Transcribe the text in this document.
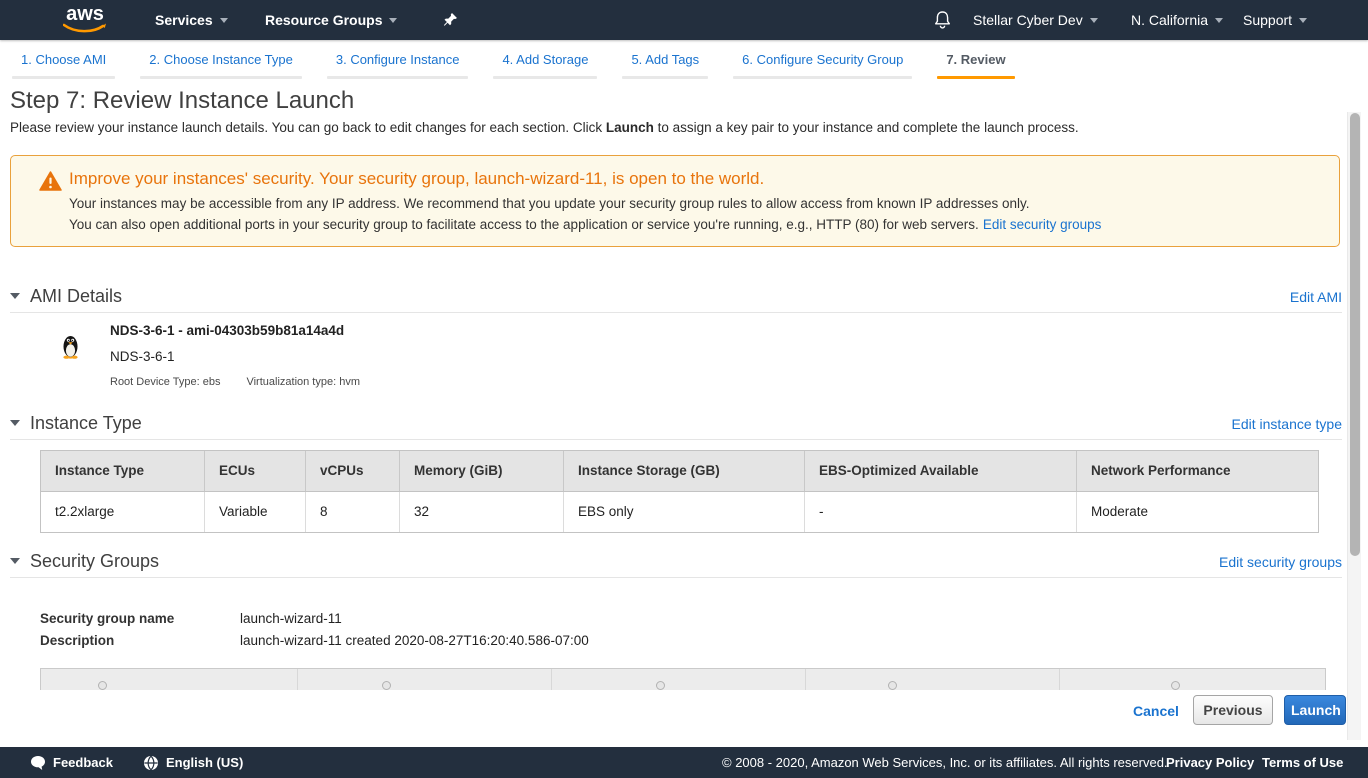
aws	Services	Resource Groups	Stellar Cyber Dev	N. California	Support
1. Choose AMI	2. Choose Instance Type	3. Configure Instance	4. Add Storage	5. Add Tags	6. Configure Security Group	7. Review
Step 7: Review Instance Launch
Please review your instance launch details. You can go back to edit changes for each section. Click Launch to assign a key pair to your instance and complete the launch process.
Improve your instances' security. Your security group, launch-wizard-11, is open to the world.
Your instances may be accessible from any IP address. We recommend that you update your security group rules to allow access from known IP addresses only.
You can also open additional ports in your security group to facilitate access to the application or service you're running, e.g., HTTP (80) for web servers. Edit security groups
AMI Details	Edit AMI
NDS-3-6-1 - ami-04303b59b81a14a4d
NDS-3-6-1
Root Device Type: ebs Virtualization type: hvm
Instance Type	Edit instance type
Instance Type	ECUs	vCPUs	Memory (GiB)	Instance Storage (GB)	EBS-Optimized Available	Network Performance
t2.2xlarge	Variable	8	32	EBS only	-	Moderate
Security Groups	Edit security groups
Security group name	launch-wizard-11
Description	launch-wizard-11 created 2020-08-27T16:20:40.586-07:00
Cancel	Previous	Launch
Feedback	English (US)	© 2008 - 2020, Amazon Web Services, Inc. or its affiliates. All rights reserved.
Privacy Policy Terms of Use
